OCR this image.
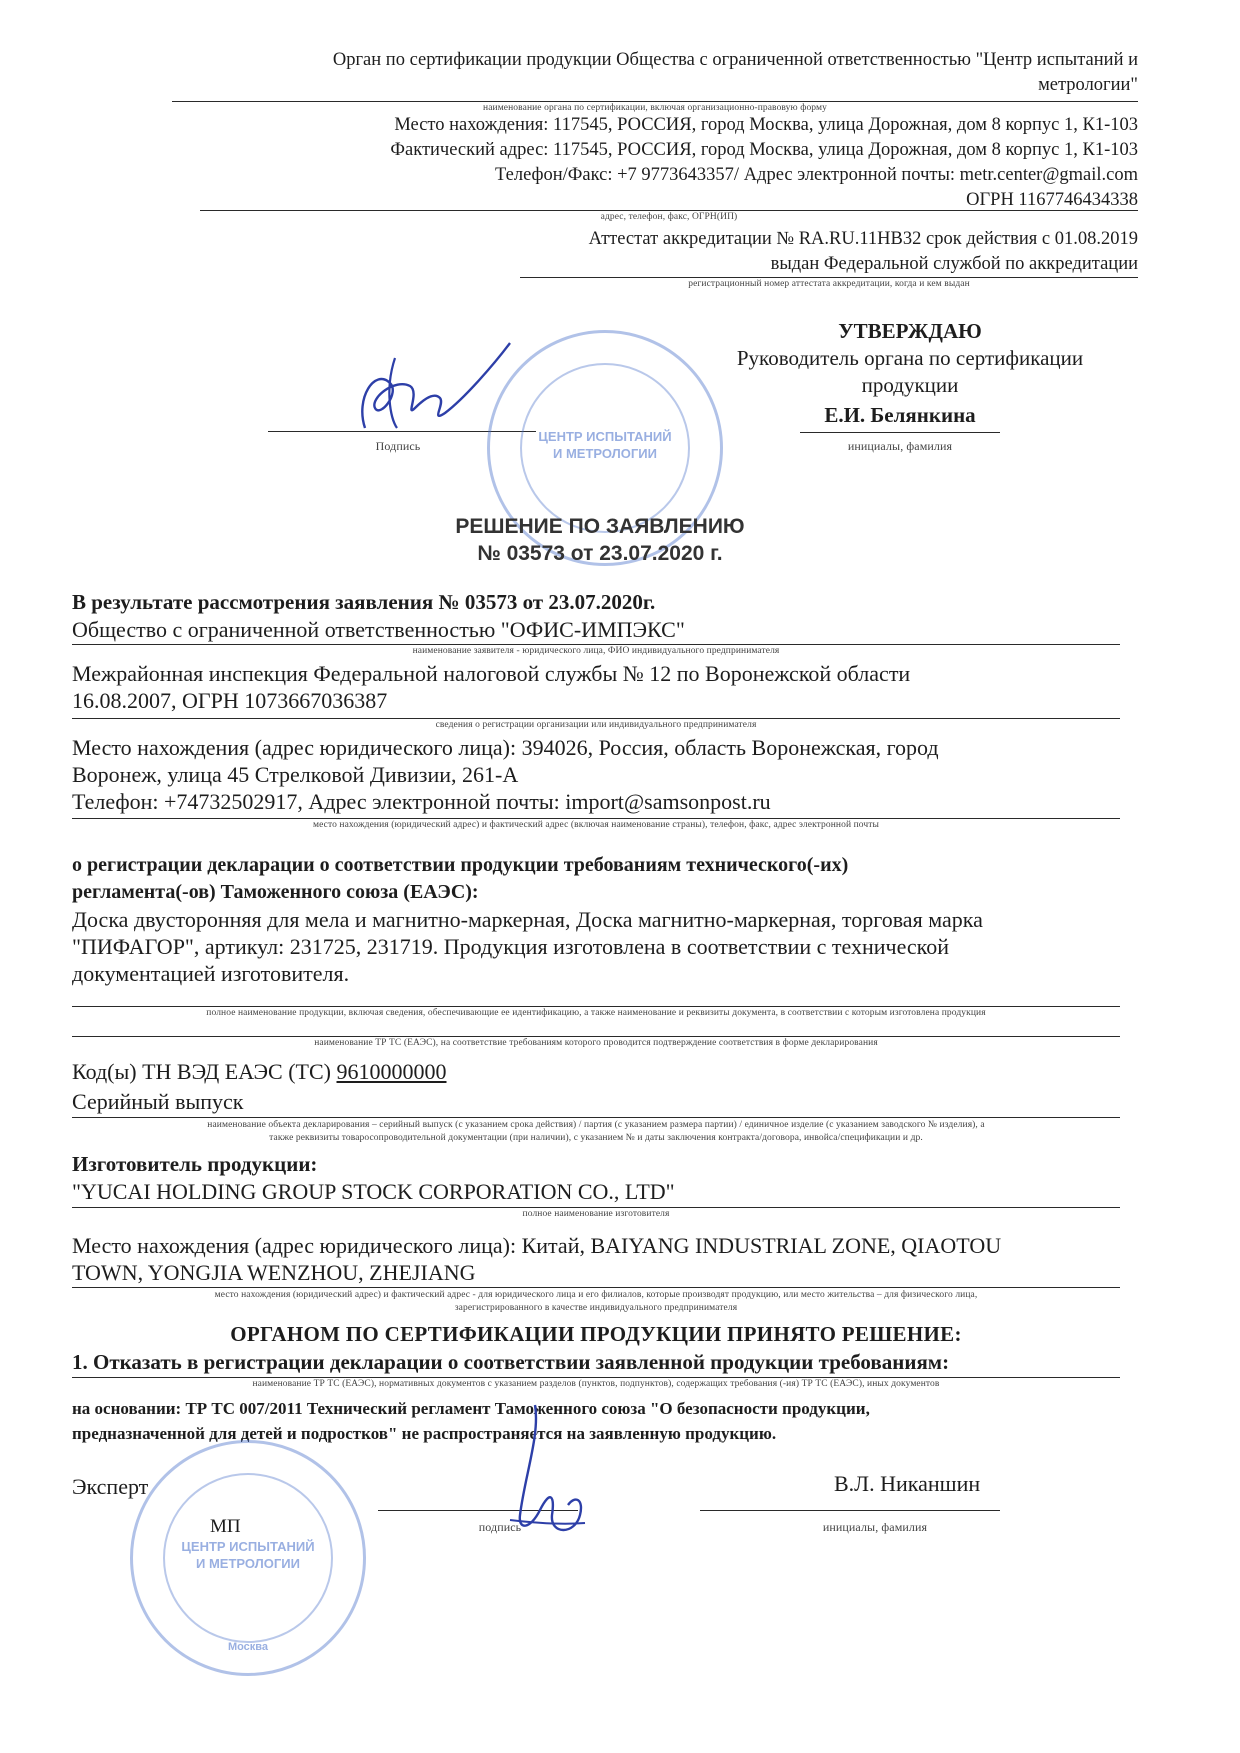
Орган по сертификации продукции Общества с ограниченной ответственностью "Центр испытаний и
метрологии"
наименование органа по сертификации, включая организационно-правовую форму
Место нахождения: 117545, РОССИЯ, город Москва, улица Дорожная, дом 8 корпус 1, К1-103
Фактический адрес: 117545, РОССИЯ, город Москва, улица Дорожная, дом 8 корпус 1, К1-103
Телефон/Факс: +7 9773643357/ Адрес электронной почты: metr.center@gmail.com
ОГРН 1167746434338
адрес, телефон, факс, ОГРН(ИП)
Аттестат аккредитации № RA.RU.11НВ32 срок действия с 01.08.2019
выдан Федеральной службой по аккредитации
регистрационный номер аттестата аккредитации, когда и кем выдан
УТВЕРЖДАЮ
Руководитель органа по сертификации
продукции
Е.И. Белянкина
инициалы, фамилия
Подпись
ЦЕНТР ИСПЫТАНИЙ
И МЕТРОЛОГИИ
РЕШЕНИЕ ПО ЗАЯВЛЕНИЮ
№ 03573 от 23.07.2020 г.
В результате рассмотрения заявления № 03573 от 23.07.2020г.
Общество с ограниченной ответственностью "ОФИС-ИМПЭКС"
наименование заявителя - юридического лица, ФИО индивидуального предпринимателя
Межрайонная инспекция Федеральной налоговой службы № 12 по Воронежской области
16.08.2007, ОГРН 1073667036387
сведения о регистрации организации или индивидуального предпринимателя
Место нахождения (адрес юридического лица): 394026, Россия, область Воронежская, город
Воронеж, улица 45 Стрелковой Дивизии, 261-А
Телефон: +74732502917, Адрес электронной почты: import@samsonpost.ru
место нахождения (юридический адрес) и фактический адрес (включая наименование страны), телефон, факс, адрес электронной почты
о регистрации декларации о соответствии продукции требованиям технического(-их)
регламента(-ов) Таможенного союза (ЕАЭС):
Доска двусторонняя для мела и магнитно-маркерная, Доска магнитно-маркерная, торговая марка
"ПИФАГОР", артикул: 231725, 231719. Продукция изготовлена в соответствии с технической
документацией изготовителя.
полное наименование продукции, включая сведения, обеспечивающие ее идентификацию, а также наименование и реквизиты документа, в соответствии с которым изготовлена продукция
наименование ТР ТС (ЕАЭС), на соответствие требованиям которого проводится подтверждение соответствия в форме декларирования
Код(ы) ТН ВЭД ЕАЭС (ТС) 9610000000
Серийный выпуск
наименование объекта декларирования – серийный выпуск (с указанием срока действия) / партия (с указанием размера партии) / единичное изделие (с указанием заводского № изделия), а
также реквизиты товаросопроводительной документации (при наличии), с указанием № и даты заключения контракта/договора, инвойса/спецификации и др.
Изготовитель продукции:
"YUCAI HOLDING GROUP STOCK CORPORATION CO., LTD"
полное наименование изготовителя
Место нахождения (адрес юридического лица): Китай, BAIYANG INDUSTRIAL ZONE, QIAOTOU
TOWN, YONGJIA WENZHOU, ZHEJIANG
место нахождения (юридический адрес) и фактический адрес - для юридического лица и его филиалов, которые производят продукцию, или место жительства – для физического лица,
зарегистрированного в качестве индивидуального предпринимателя
ОРГАНОМ ПО СЕРТИФИКАЦИИ ПРОДУКЦИИ ПРИНЯТО РЕШЕНИЕ:
1. Отказать в регистрации декларации о соответствии заявленной продукции требованиям:
наименование ТР ТС (ЕАЭС), нормативных документов с указанием разделов (пунктов, подпунктов), содержащих требования (-ия) ТР ТС (ЕАЭС), иных документов
на основании: ТР ТС 007/2011 Технический регламент Таможенного союза "О безопасности продукции,
предназначенной для детей и подростков" не распространяется на заявленную продукцию.
Эксперт
МП	подпись
В.Л. Никаншин
инициалы, фамилия
ЦЕНТР ИСПЫТАНИЙ
И МЕТРОЛОГИИ
Москва
